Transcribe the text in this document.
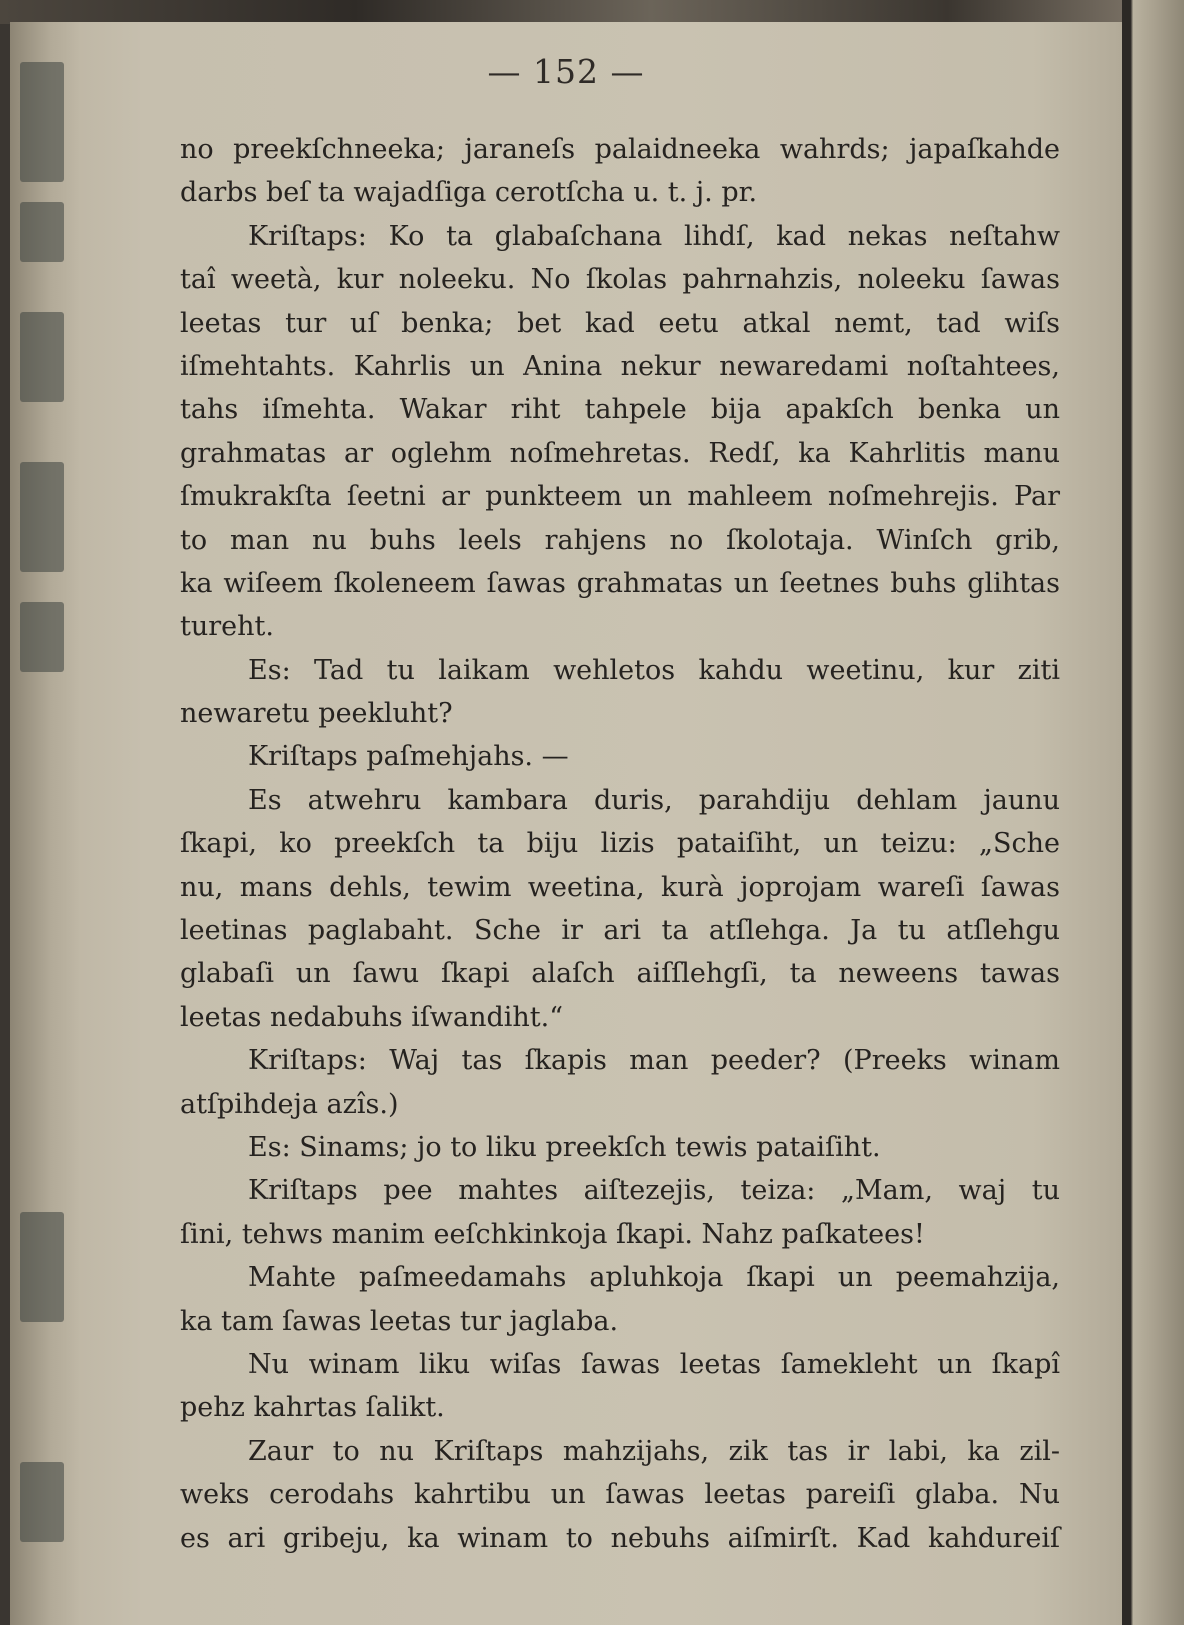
— 152 —
no preekſchneeka; jaraneſs palaidneeka wahrds; japaſkahde
darbs beſ ta wajadſiga cerotſcha u. t. j. pr.
Kriſtaps: Ko ta glabaſchana lihdſ, kad nekas neſtahw
taî weetà, kur noleeku. No ſkolas pahrnahzis, noleeku ſawas
leetas tur uſ benka; bet kad eetu atkal nemt, tad wiſs
iſmehtahts. Kahrlis un Anina nekur newaredami noſtahtees,
tahs iſmehta. Wakar riht tahpele bija apakſch benka un
grahmatas ar oglehm noſmehretas. Redſ, ka Kahrlitis manu
ſmukrakſta ſeetni ar punkteem un mahleem noſmehrejis. Par
to man nu buhs leels rahjens no ſkolotaja. Winſch grib,
ka wiſeem ſkoleneem ſawas grahmatas un ſeetnes buhs glihtas
tureht.
Es: Tad tu laikam wehletos kahdu weetinu, kur ziti
newaretu peekluht?
Kriſtaps paſmehjahs. —
Es atwehru kambara duris, parahdiju dehlam jaunu
ſkapi, ko preekſch ta biju lizis pataiſiht, un teizu: „Sche
nu, mans dehls, tewim weetina, kurà joprojam wareſi ſawas
leetinas paglabaht. Sche ir ari ta atſlehga. Ja tu atſlehgu
glabaſi un ſawu ſkapi alaſch aiſſlehgſi, ta neweens tawas
leetas nedabuhs iſwandiht.“
Kriſtaps: Waj tas ſkapis man peeder? (Preeks winam
atſpihdeja azîs.)
Es: Sinams; jo to liku preekſch tewis pataiſiht.
Kriſtaps pee mahtes aiſtezejis, teiza: „Mam, waj tu
ſini, tehws manim eeſchkinkoja ſkapi. Nahz paſkatees!
Mahte paſmeedamahs apluhkoja ſkapi un peemahzija,
ka tam ſawas leetas tur jaglaba.
Nu winam liku wiſas ſawas leetas ſameklеht un ſkapî
pehz kahrtas ſalikt.
Zaur to nu Kriſtaps mahzijahs, zik tas ir labi, ka zil-
weks cerodahs kahrtibu un ſawas leetas pareiſi glaba. Nu
es ari gribeju, ka winam to nebuhs aiſmirſt. Kad kahdureiſ
